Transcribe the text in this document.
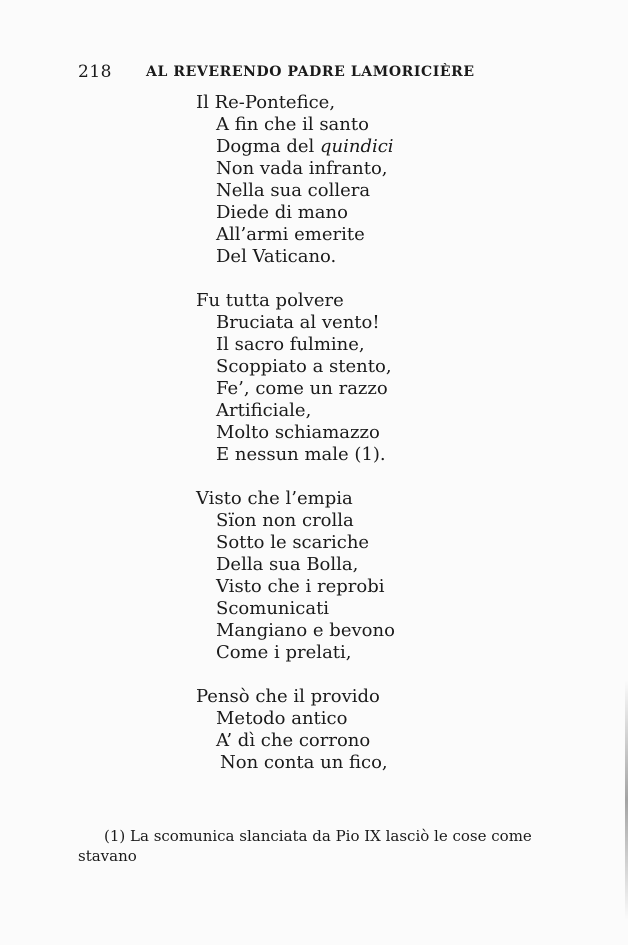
218 AL REVERENDO PADRE LAMORICIÈRE
Il Re-Pontefice,
A fin che il santo
Dogma del quindici
Non vada infranto,
Nella sua collera
Diede di mano
All’armi emerite
Del Vaticano.
Fu tutta polvere
Bruciata al vento!
Il sacro fulmine,
Scoppiato a stento,
Fe’, come un razzo
Artificiale,
Molto schiamazzo
E nessun male (1).
Visto che l’empia
Sïon non crolla
Sotto le scariche
Della sua Bolla,
Visto che i reprobi
Scomunicati
Mangiano e bevono
Come i prelati,
Pensò che il provido
Metodo antico
A’ dì che corrono
Non conta un fico,
(1) La scomunica slanciata da Pio IX lasciò le cose come
stavano
